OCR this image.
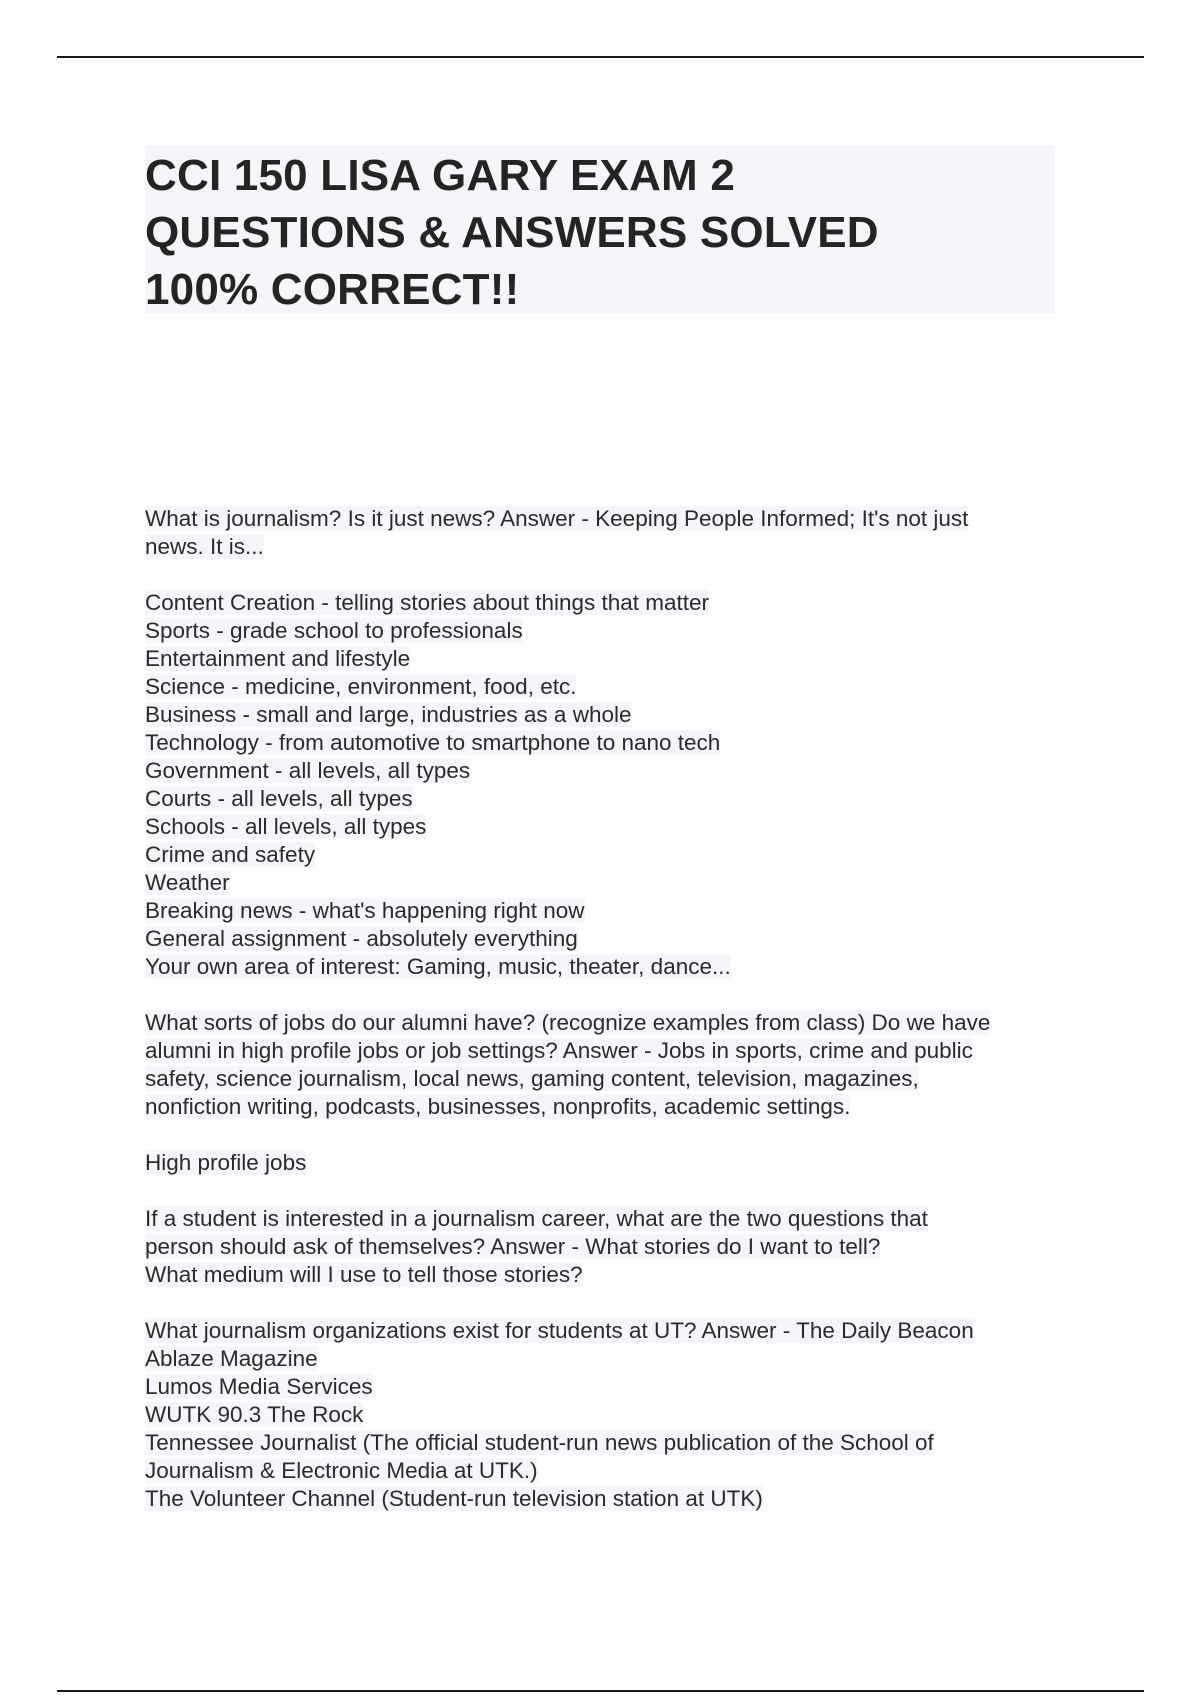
CCI 150 LISA GARY EXAM 2
QUESTIONS & ANSWERS SOLVED
100% CORRECT!!
What is journalism? Is it just news? Answer - Keeping People Informed; It's not just
news. It is...
Content Creation - telling stories about things that matter
Sports - grade school to professionals
Entertainment and lifestyle
Science - medicine, environment, food, etc.
Business - small and large, industries as a whole
Technology - from automotive to smartphone to nano tech
Government - all levels, all types
Courts - all levels, all types
Schools - all levels, all types
Crime and safety
Weather
Breaking news - what's happening right now
General assignment - absolutely everything
Your own area of interest: Gaming, music, theater, dance...
What sorts of jobs do our alumni have? (recognize examples from class) Do we have
alumni in high profile jobs or job settings? Answer - Jobs in sports, crime and public
safety, science journalism, local news, gaming content, television, magazines,
nonfiction writing, podcasts, businesses, nonprofits, academic settings.
High profile jobs
If a student is interested in a journalism career, what are the two questions that
person should ask of themselves? Answer - What stories do I want to tell?
What medium will I use to tell those stories?
What journalism organizations exist for students at UT? Answer - The Daily Beacon
Ablaze Magazine
Lumos Media Services
WUTK 90.3 The Rock
Tennessee Journalist (The official student-run news publication of the School of
Journalism & Electronic Media at UTK.)
The Volunteer Channel (Student-run television station at UTK)
